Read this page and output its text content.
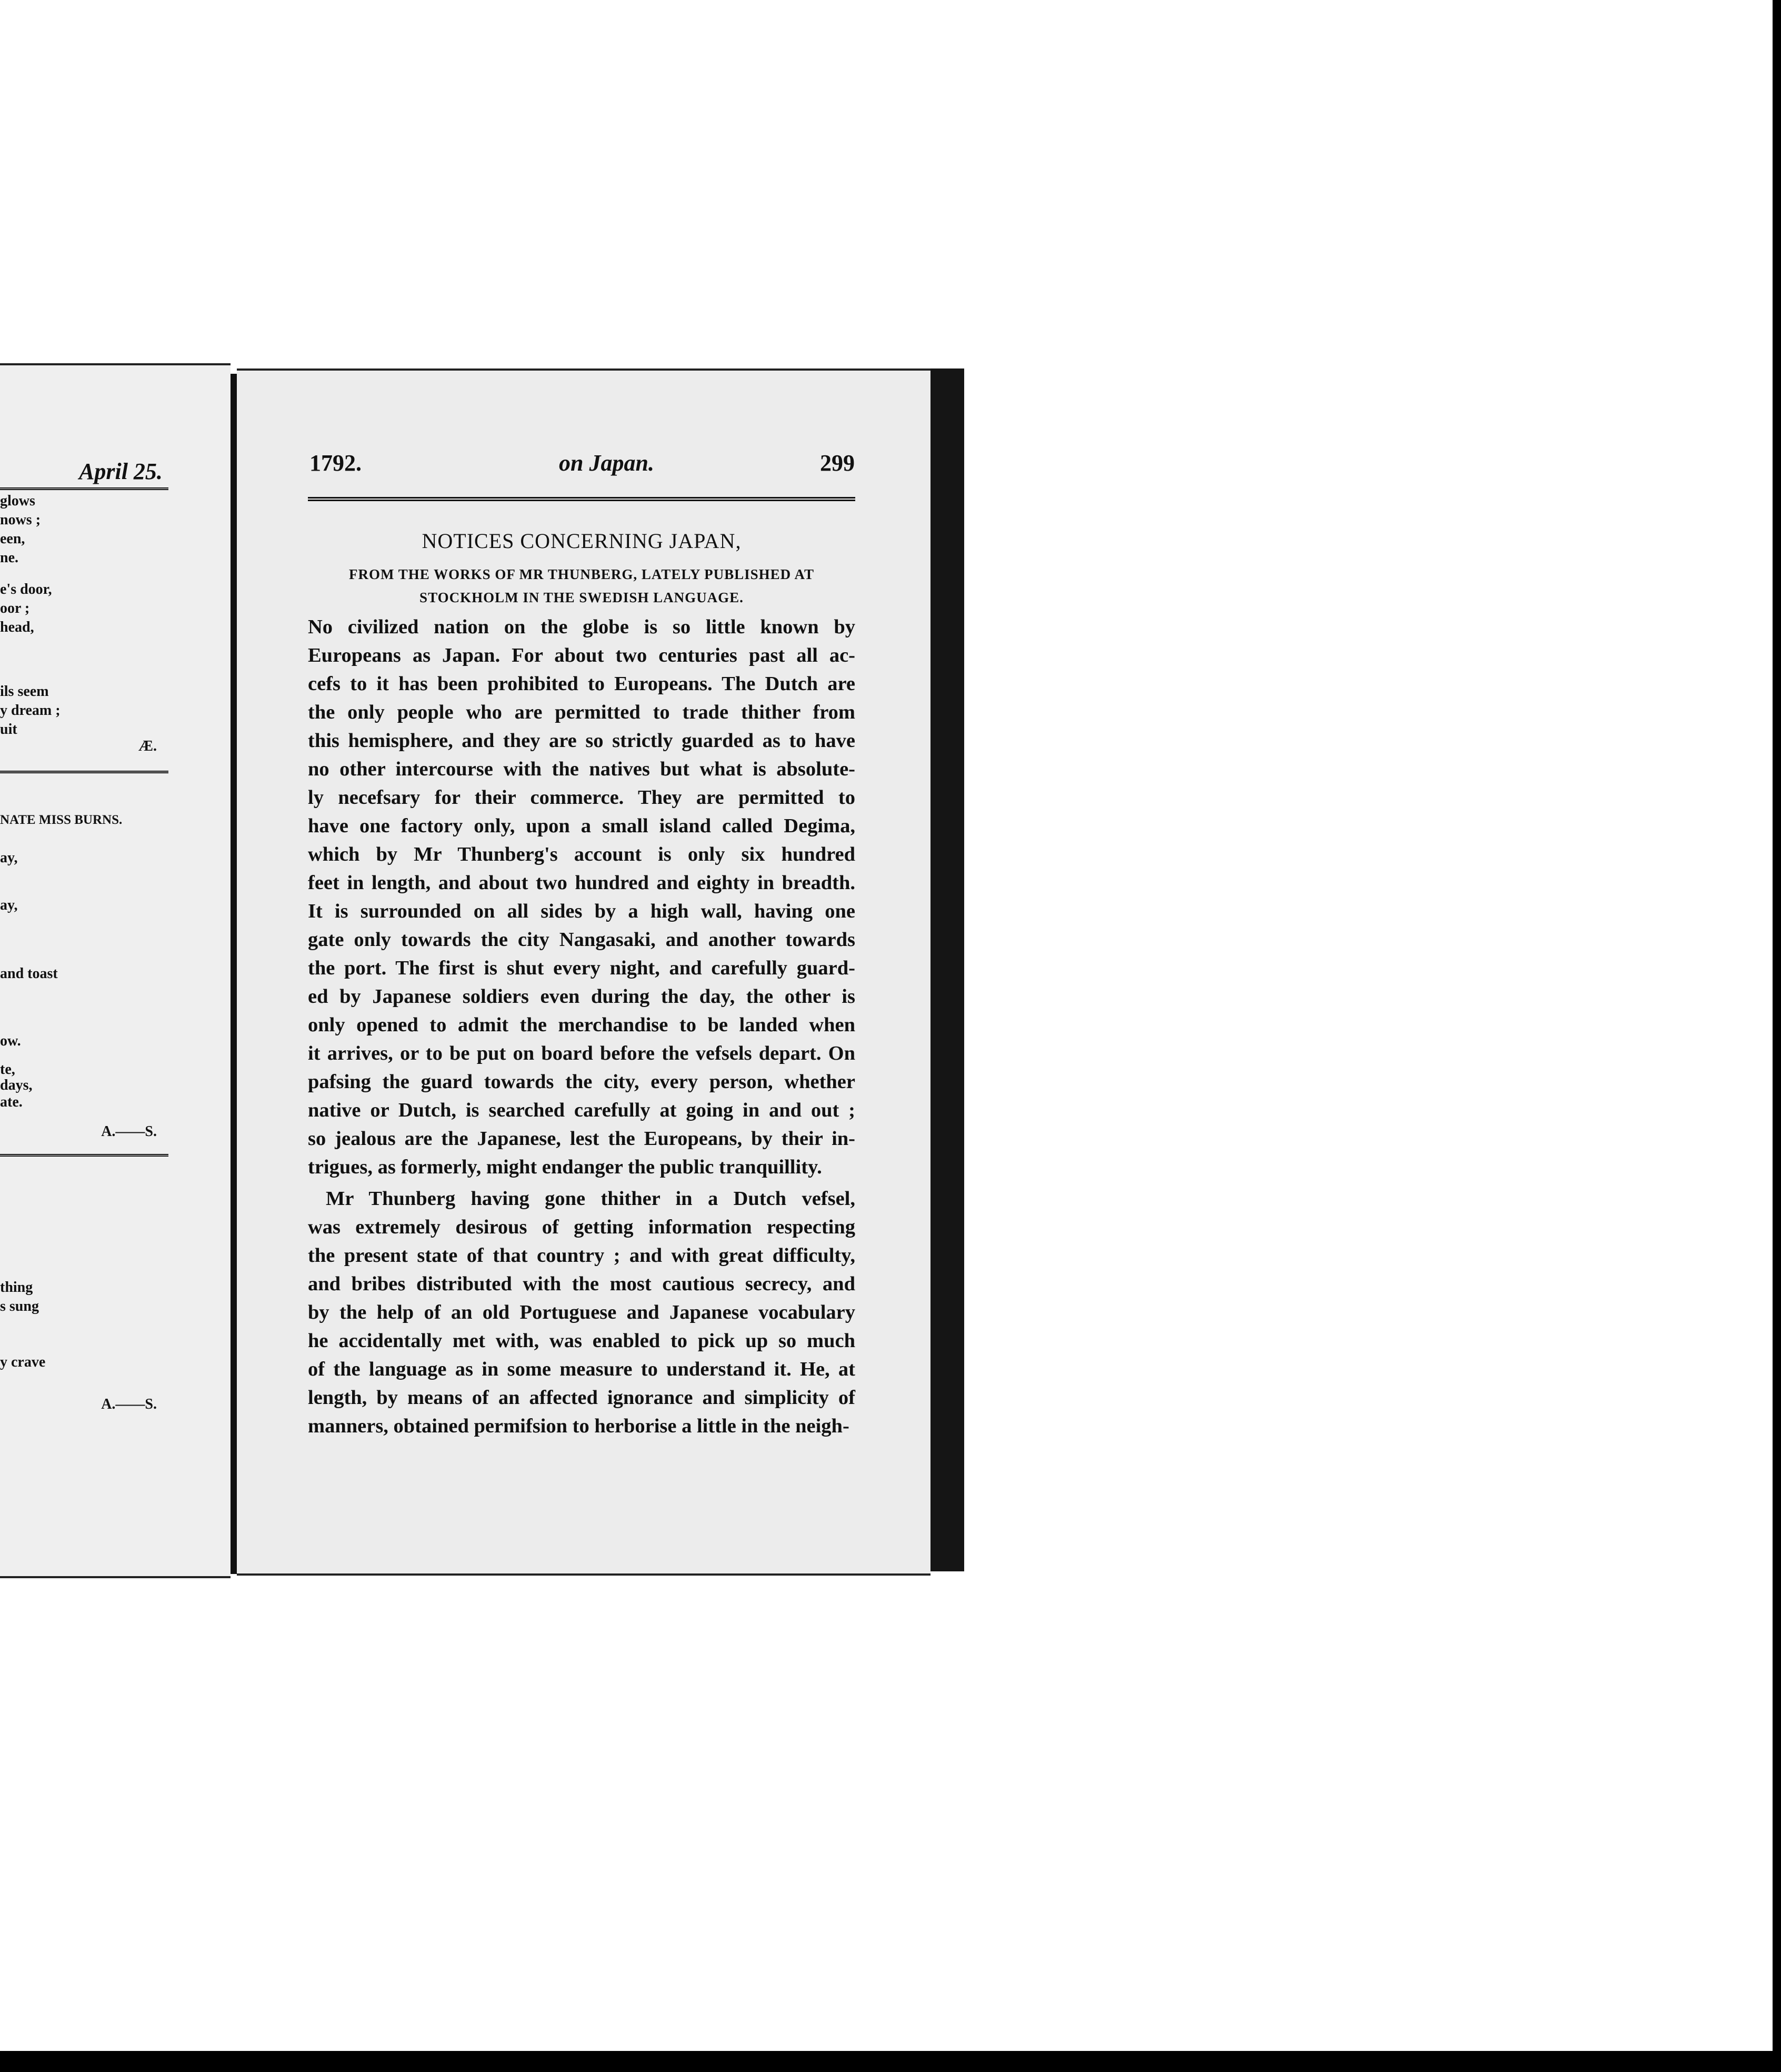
April 25.
glows
nows ;
een,
ne.
e's door,
oor ;
head,
ils seem
y dream ;
uit
Æ.
NATE MISS BURNS.
ay,
ay,
and toast
ow.
te,
days,
ate.
A.——S.
thing
s sung
y crave
A.——S.
1792.	on Japan.	299
NOTICES CONCERNING JAPAN,
FROM THE WORKS OF MR THUNBERG, LATELY PUBLISHED AT
STOCKHOLM IN THE SWEDISH LANGUAGE.

No civilized nation on the globe is so little known by

Europeans as Japan. For about two centuries past all ac-

cefs to it has been prohibited to Europeans. The Dutch are

the only people who are permitted to trade thither from

this hemisphere, and they are so strictly guarded as to have

no other intercourse with the natives but what is absolute-

ly necefsary for their commerce. They are permitted to

have one factory only, upon a small island called Degima,

which by Mr Thunberg's account is only six hundred

feet in length, and about two hundred and eighty in breadth.

It is surrounded on all sides by a high wall, having one

gate only towards the city Nangasaki, and another towards

the port. The first is shut every night, and carefully guard-

ed by Japanese soldiers even during the day, the other is

only opened to admit the merchandise to be landed when

it arrives, or to be put on board before the vefsels depart. On

pafsing the guard towards the city, every person, whether

native or Dutch, is searched carefully at going in and out ;

so jealous are the Japanese, lest the Europeans, by their in-

trigues, as formerly, might endanger the public tranquillity.

Mr Thunberg having gone thither in a Dutch vefsel,

was extremely desirous of getting information respecting

the present state of that country ; and with great difficulty,

and bribes distributed with the most cautious secrecy, and

by the help of an old Portuguese and Japanese vocabulary

he accidentally met with, was enabled to pick up so much

of the language as in some measure to understand it. He, at

length, by means of an affected ignorance and simplicity of

manners, obtained permifsion to herborise a little in the neigh-
